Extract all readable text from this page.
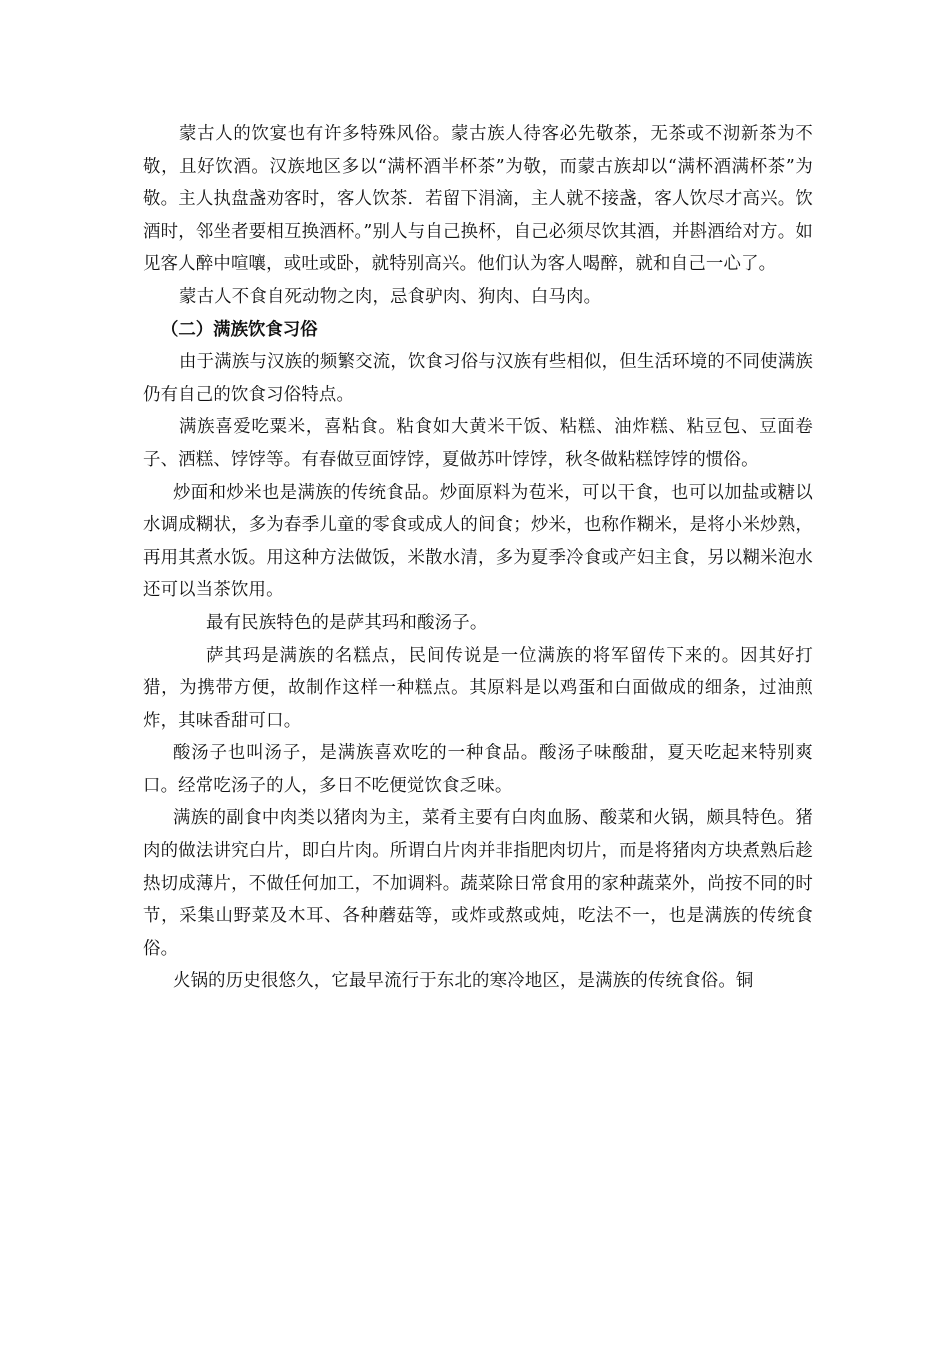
蒙古人的饮宴也有许多特殊风俗。蒙古族人待客必先敬茶，无茶或不沏新茶为不敬，且好饮酒。汉族地区多以“满杯酒半杯茶”为敬，而蒙古族却以“满杯酒满杯茶”为敬。主人执盘盏劝客时，客人饮茶．若留下涓滴，主人就不接盏，客人饮尽才高兴。饮酒时，邻坐者要相互换酒杯。”别人与自己换杯，自己必须尽饮其酒，并斟酒给对方。如见客人醉中喧嚷，或吐或卧，就特别高兴。他们认为客人喝醉，就和自己一心了。

蒙古人不食自死动物之肉，忌食驴肉、狗肉、白马肉。

（二）满族饮食习俗

由于满族与汉族的频繁交流，饮食习俗与汉族有些相似，但生活环境的不同使满族仍有自己的饮食习俗特点。

满族喜爱吃粟米，喜粘食。粘食如大黄米干饭、粘糕、油炸糕、粘豆包、豆面卷子、洒糕、饽饽等。有春做豆面饽饽，夏做苏叶饽饽，秋冬做粘糕饽饽的惯俗。

炒面和炒米也是满族的传统食品。炒面原料为苞米，可以干食，也可以加盐或糖以水调成糊状，多为春季儿童的零食或成人的间食；炒米，也称作糊米，是将小米炒熟，再用其煮水饭。用这种方法做饭，米散水清，多为夏季冷食或产妇主食，另以糊米泡水还可以当茶饮用。

最有民族特色的是萨其玛和酸汤子。

萨其玛是满族的名糕点，民间传说是一位满族的将军留传下来的。因其好打猎，为携带方便，故制作这样一种糕点。其原料是以鸡蛋和白面做成的细条，过油煎炸，其味香甜可口。

酸汤子也叫汤子，是满族喜欢吃的一种食品。酸汤子味酸甜，夏天吃起来特别爽口。经常吃汤子的人，多日不吃便觉饮食乏味。

满族的副食中肉类以猪肉为主，菜肴主要有白肉血肠、酸菜和火锅，颇具特色。猪肉的做法讲究白片，即白片肉。所谓白片肉并非指肥肉切片，而是将猪肉方块煮熟后趁热切成薄片，不做任何加工，不加调料。蔬菜除日常食用的家种蔬菜外，尚按不同的时节，采集山野菜及木耳、各种蘑菇等，或炸或熬或炖，吃法不一，也是满族的传统食俗。

火锅的历史很悠久，它最早流行于东北的寒冷地区，是满族的传统食俗。铜
